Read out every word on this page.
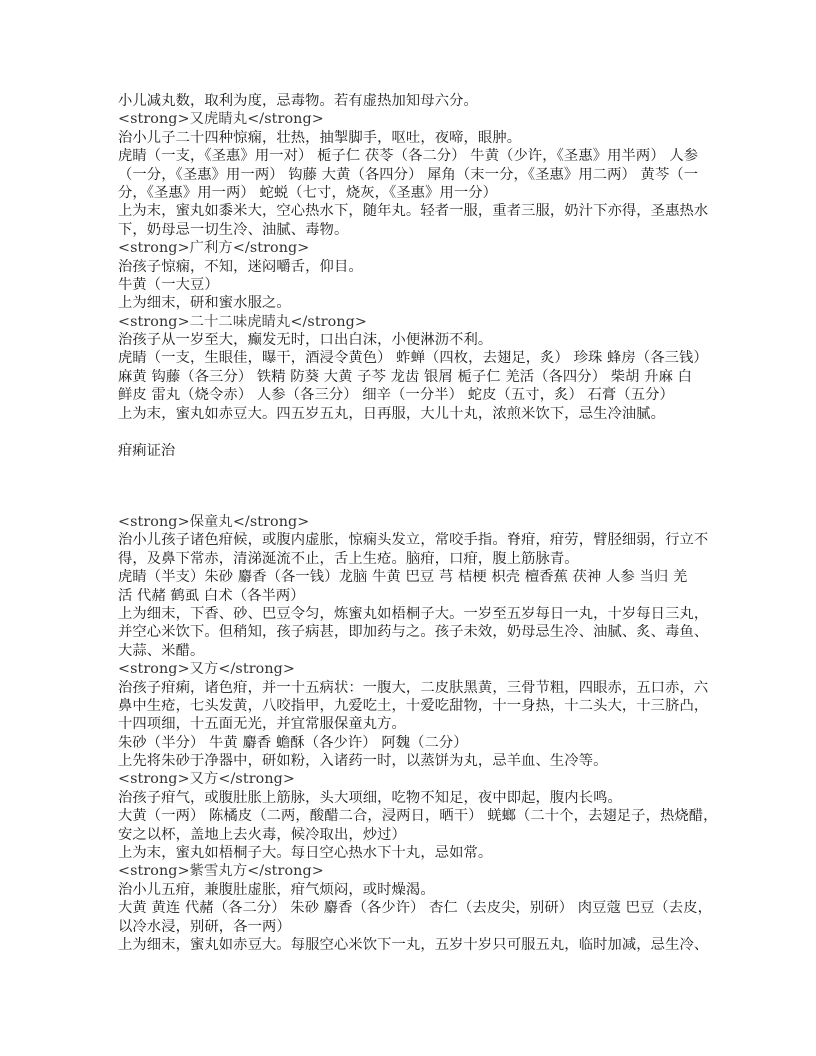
小儿减丸数，取利为度，忌毒物。若有虚热加知母六分。
<strong>又虎睛丸</strong>
治小儿子二十四种惊痫，壮热，抽掣脚手，呕吐，夜啼，眼肿。
虎睛（一支，《圣惠》用一对） 栀子仁 茯苓（各二分） 牛黄（少许，《圣惠》用半两） 人参
（一分，《圣惠》用一两） 钩藤 大黄（各四分） 犀角（末一分，《圣惠》用二两） 黄芩（一
分，《圣惠》用一两） 蛇蜕（七寸，烧灰，《圣惠》用一分）
上为末，蜜丸如黍米大，空心热水下，随年丸。轻者一服，重者三服，奶汁下亦得，圣惠热水
下，奶母忌一切生冷、油腻、毒物。
<strong>广利方</strong>
治孩子惊痫，不知，迷闷嚼舌，仰目。
牛黄（一大豆）
上为细末，研和蜜水服之。
<strong>二十二味虎睛丸</strong>
治孩子从一岁至大，癫发无时，口出白沫，小便淋沥不利。
虎睛（一支，生眼佳，曝干，酒浸令黄色） 蚱蝉（四枚，去翅足，炙） 珍珠 蜂房（各三钱）
麻黄 钩藤（各三分） 铁精 防葵 大黄 子芩 龙齿 银屑 栀子仁 羌活（各四分） 柴胡 升麻 白
鲜皮 雷丸（烧令赤） 人参（各三分） 细辛（一分半） 蛇皮（五寸，炙） 石膏（五分）
上为末，蜜丸如赤豆大。四五岁五丸，日再服，大儿十丸，浓煎米饮下，忌生冷油腻。
疳痢证治
<strong>保童丸</strong>
治小儿孩子诸色疳候，或腹内虚胀，惊痫头发立，常咬手指。脊疳，疳劳，臂胫细弱，行立不
得，及鼻下常赤，清涕涎流不止，舌上生疮。脑疳，口疳，腹上筋脉青。
虎睛（半支）朱砂 麝香（各一钱）龙脑 牛黄 巴豆 芎 桔梗 枳壳 檀香蕉 茯神 人参 当归 羌
活 代赭 鹤虱 白术（各半两）
上为细末，下香、砂、巴豆令匀，炼蜜丸如梧桐子大。一岁至五岁每日一丸，十岁每日三丸，
并空心米饮下。但稍知，孩子病甚，即加药与之。孩子未效，奶母忌生冷、油腻、炙、毒鱼、
大蒜、米醋。
<strong>又方</strong>
治孩子疳痢，诸色疳，并一十五病状：一腹大，二皮肤黑黄，三骨节粗，四眼赤，五口赤，六
鼻中生疮，七头发黄，八咬指甲，九爱吃土，十爱吃甜物，十一身热，十二头大，十三脐凸，
十四项细，十五面无光，并宜常服保童丸方。
朱砂（半分） 牛黄 麝香 蟾酥（各少许） 阿魏（二分）
上先将朱砂于净器中，研如粉，入诸药一时，以蒸饼为丸，忌羊血、生冷等。
<strong>又方</strong>
治孩子疳气，或腹肚胀上筋脉，头大项细，吃物不知足，夜中即起，腹内长鸣。
大黄（一两） 陈橘皮（二两，酸醋二合，浸两日，晒干） 蜣螂（二十个，去翅足子，热烧醋，
安之以杯，盖地上去火毒，候冷取出，炒过）
上为末，蜜丸如梧桐子大。每日空心热水下十丸，忌如常。
<strong>紫雪丸方</strong>
治小儿五疳，兼腹肚虚胀，疳气烦闷，或时燥渴。
大黄 黄连 代赭（各二分） 朱砂 麝香（各少许） 杏仁（去皮尖，别研） 肉豆蔻 巴豆（去皮，
以冷水浸，别研，各一两）
上为细末，蜜丸如赤豆大。每服空心米饮下一丸，五岁十岁只可服五丸，临时加减，忌生冷、
